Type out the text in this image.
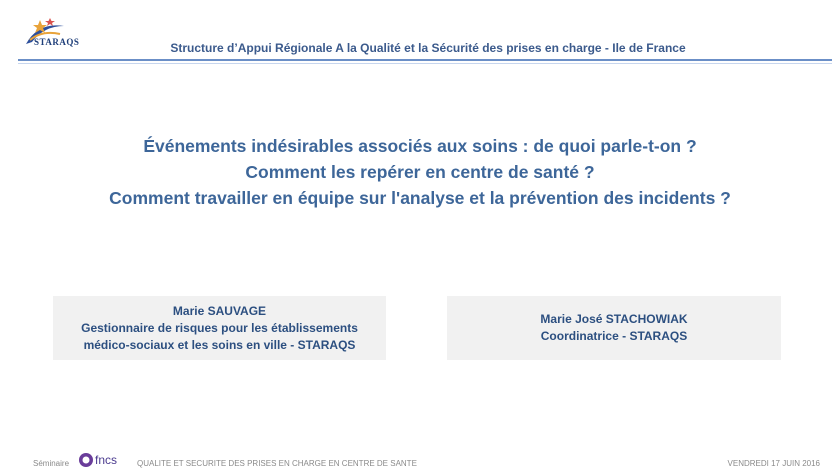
STARAQS	Structure d’Appui Régionale A la Qualité et la Sécurité des prises en charge - Ile de France
Événements indésirables associés aux soins : de quoi parle-t-on ?
Comment les repérer en centre de santé ?
Comment travailler en équipe sur l'analyse et la prévention des incidents ?
Marie SAUVAGE
Gestionnaire de risques pour les établissements
médico-sociaux et les soins en ville - STARAQS
Marie José STACHOWIAK
Coordinatrice - STARAQS
Séminaire fncs QUALITE ET SECURITE DES PRISES EN CHARGE EN CENTRE DE SANTE	VENDREDI 17 JUIN 2016
